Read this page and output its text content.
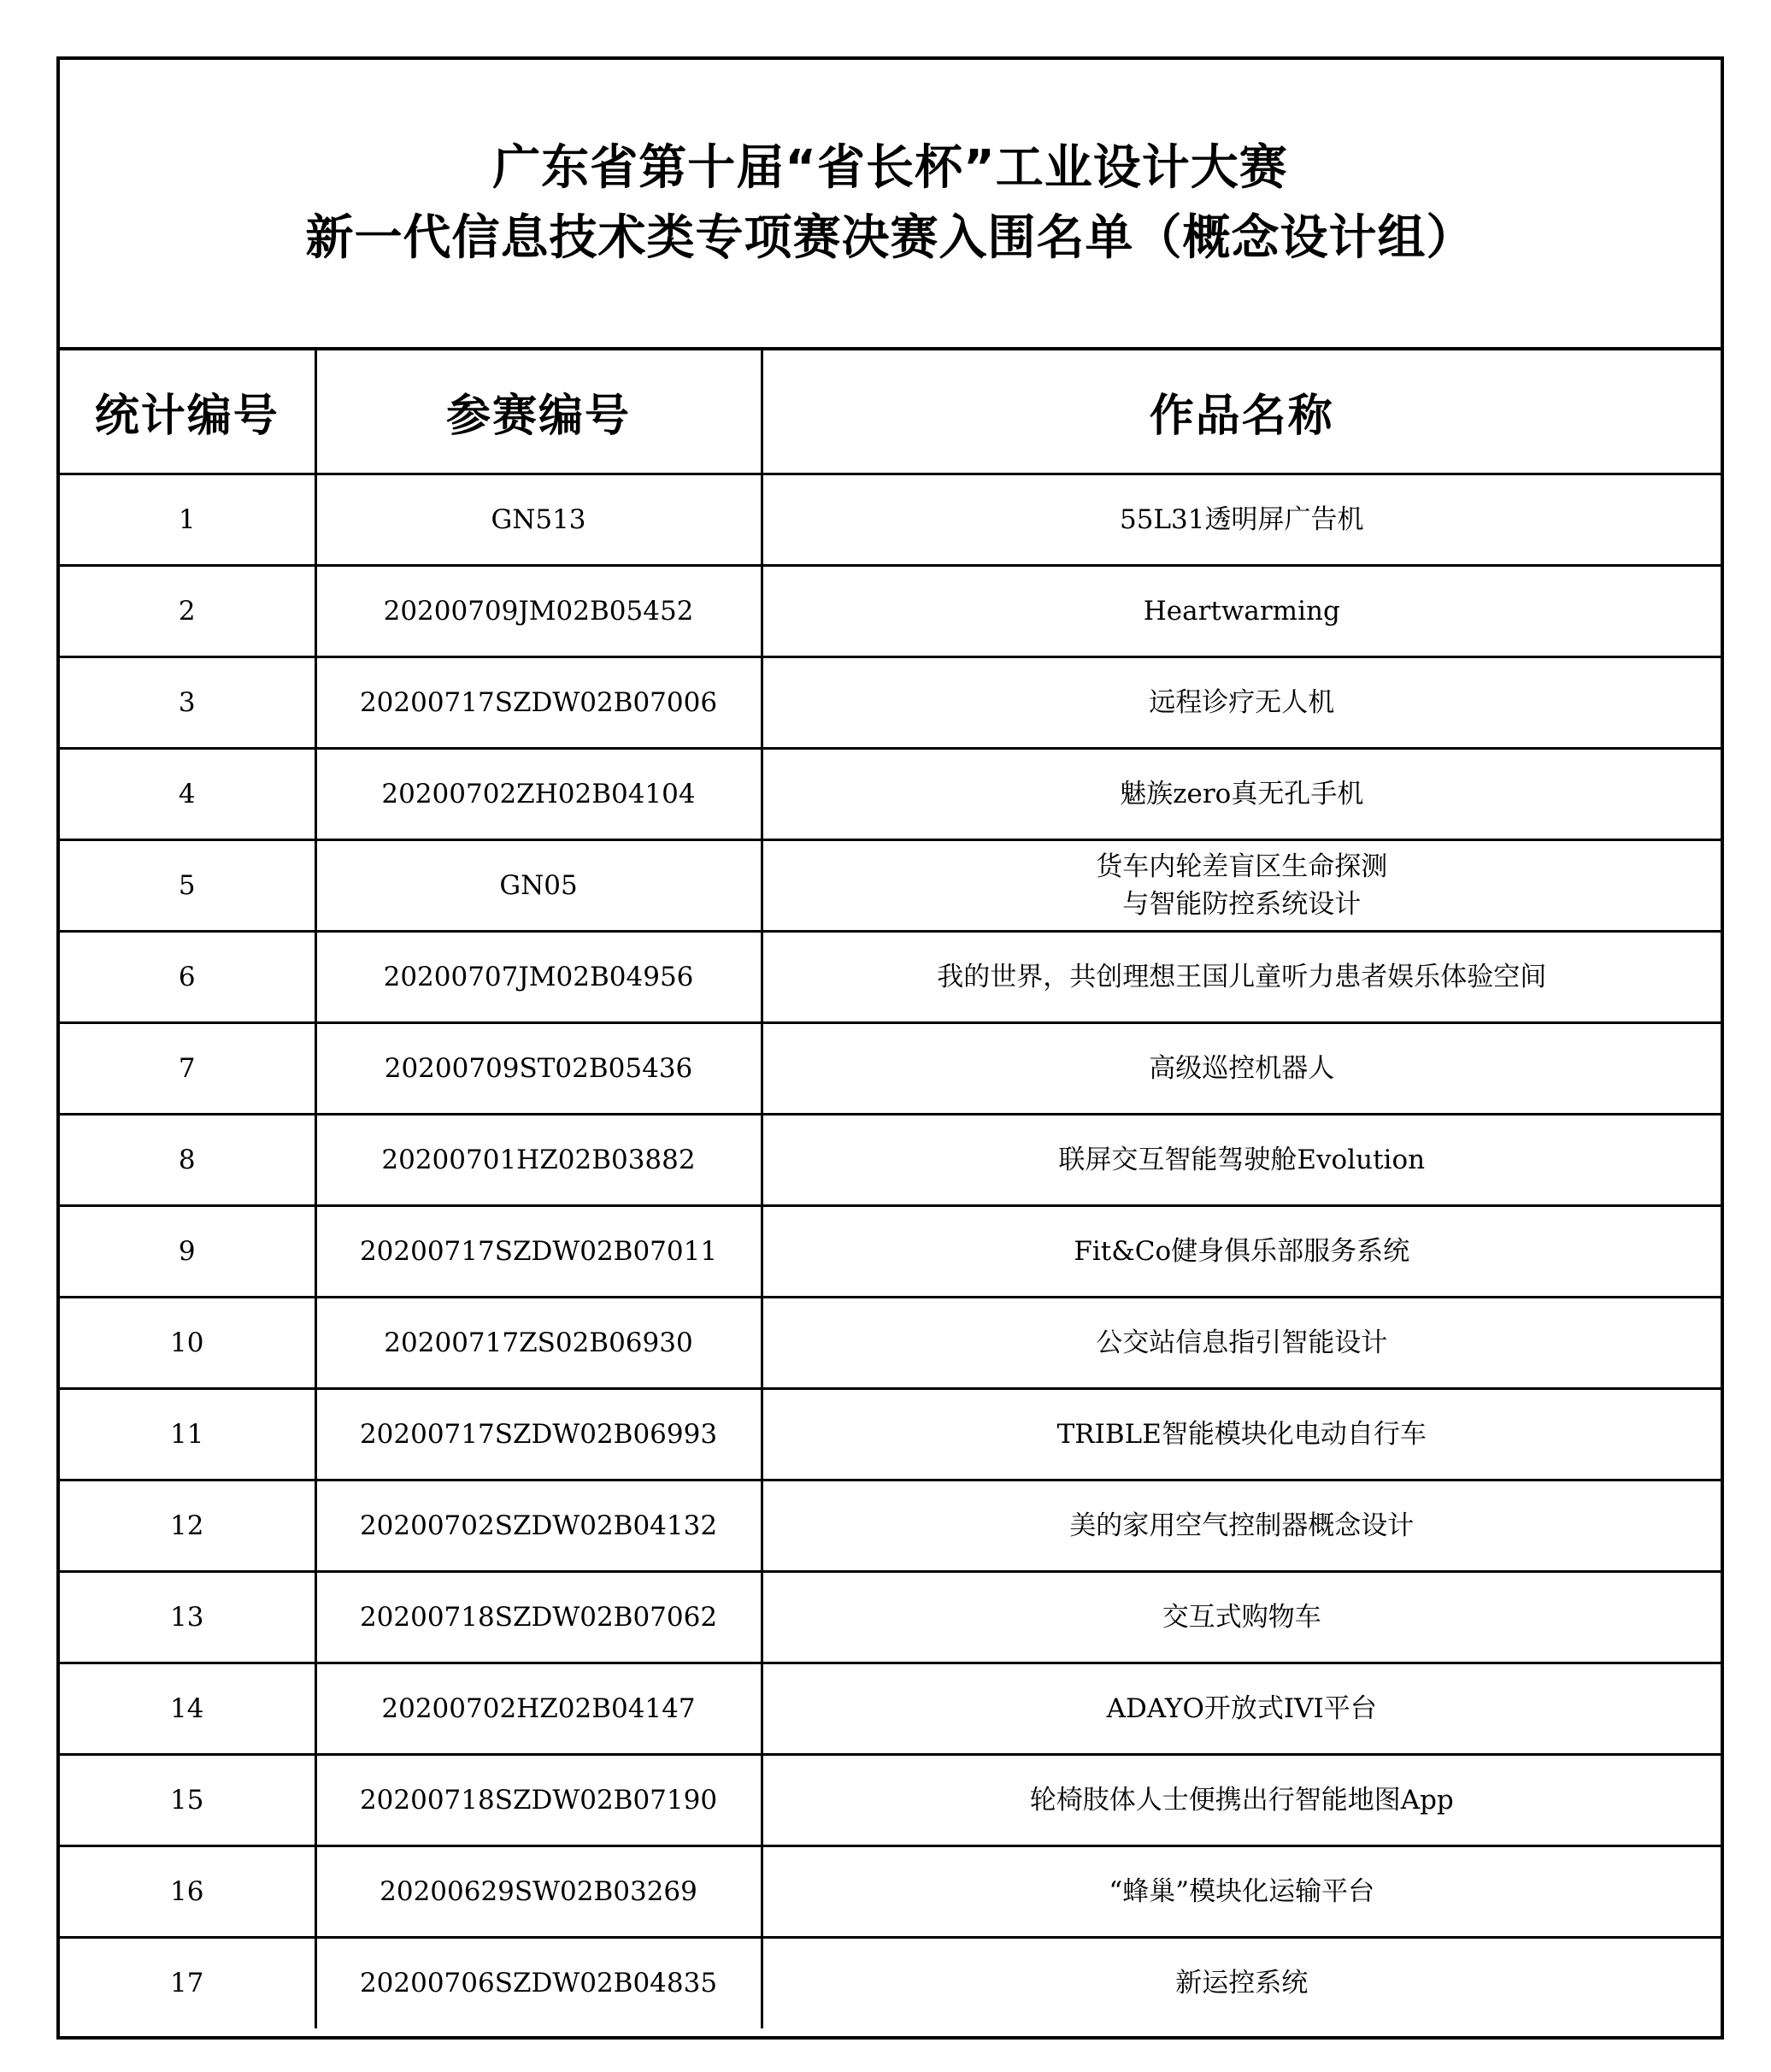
广东省第十届“省长杯”工业设计大赛
新一代信息技术类专项赛决赛入围名单（概念设计组）
统计编号	参赛编号	作品名称
1	GN513	55L31透明屏广告机

2	20200709JM02B05452	Heartwarming

3	20200717SZDW02B07006	远程诊疗无人机

4	20200702ZH02B04104	魅族zero真无孔手机

5	GN05	货车内轮差盲区生命探测
与智能防控系统设计

6	20200707JM02B04956	我的世界，共创理想王国儿童听力患者娱乐体验空间

7	20200709ST02B05436	高级巡控机器人

8	20200701HZ02B03882	联屏交互智能驾驶舱Evolution

9	20200717SZDW02B07011	Fit&Co健身俱乐部服务系统

10	20200717ZS02B06930	公交站信息指引智能设计

11	20200717SZDW02B06993	TRIBLE智能模块化电动自行车

12	20200702SZDW02B04132	美的家用空气控制器概念设计

13	20200718SZDW02B07062	交互式购物车

14	20200702HZ02B04147	ADAYO开放式IVI平台

15	20200718SZDW02B07190	轮椅肢体人士便携出行智能地图App

16	20200629SW02B03269	“蜂巢”模块化运输平台

17	20200706SZDW02B04835	新运控系统
